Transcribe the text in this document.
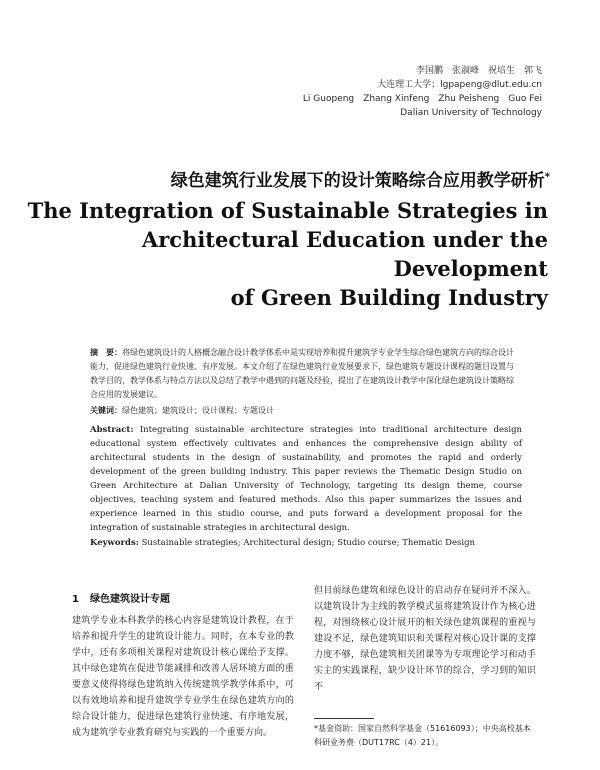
李国鹏　张淑峰　祝培生　郭飞
大连理工大学；lgpapeng@dlut.edu.cn
Li Guopeng　Zhang Xinfeng　Zhu Peisheng　Guo Fei
Dalian University of Technology
绿色建筑行业发展下的设计策略综合应用教学研析*
The Integration of Sustainable Strategies in
Architectural Education under the Development
of Green Building Industry
摘　要：将绿色建筑设计的人格概念融合设计教学体系中是实现培养和提升建筑学专业学生综合绿色建筑方向的综合设计能力，促进绿色建筑行业快速、有序发展。本文介绍了在绿色建筑行业发展要求下，绿色建筑专题设计课程的题目设置与教学目的，教学体系与特点方法以及总结了教学中遇到的问题及经验，提出了在建筑设计教学中深化绿色建筑设计策略综合应用的发展建议。
关键词：绿色建筑；建筑设计；设计课程；专题设计
Abstract: Integrating sustainable architecture strategies into traditional architecture design educational system effectively cultivates and enhances the comprehensive design ability of architectural students in the design of sustainability, and promotes the rapid and orderly development of the green building industry. This paper reviews the Thematic Design Studio on Green Architecture at Dalian University of Technology, targeting its design theme, course objectives, teaching system and featured methods. Also this paper summarizes the issues and experience learned in this studio course, and puts forward a development proposal for the integration of sustainable strategies in architectural design.
Keywords: Sustainable strategies; Architectural design; Studio course; Thematic Design
1 绿色建筑设计专题
建筑学专业本科教学的核心内容是建筑设计教程，在于培养和提升学生的建筑设计能力。同时，在本专业的教学中，还有多项相关课程对建筑设计核心课给予支撑。其中绿色建筑在促进节能减排和改善人居环境方面的重要意义使得将绿色建筑纳入传统建筑学教学体系中，可以有效地培养和提升建筑学专业学生在绿色建筑方向的综合设计能力，促进绿色建筑行业快速、有序地发展，成为建筑学专业教育研究与实践的一个重要方向。
但目前绿色建筑和绿色设计的启动存在疑问并不深入。以建筑设计为主线的教学模式虽将建筑设计作为核心进程，对围绕核心设计展开的相关绿色建筑课程的重视与建设不足，绿色建筑知识和关课程对核心设计课的支撑力度不够，绿色建筑相关团课等为专项理论学习和动手实主的实践课程，缺少设计环节的综合，学习到的知识不
*基金资助：国家自然科学基金（51616093）；中央高校基本科研业务费（DUT17RC（4）21）。
